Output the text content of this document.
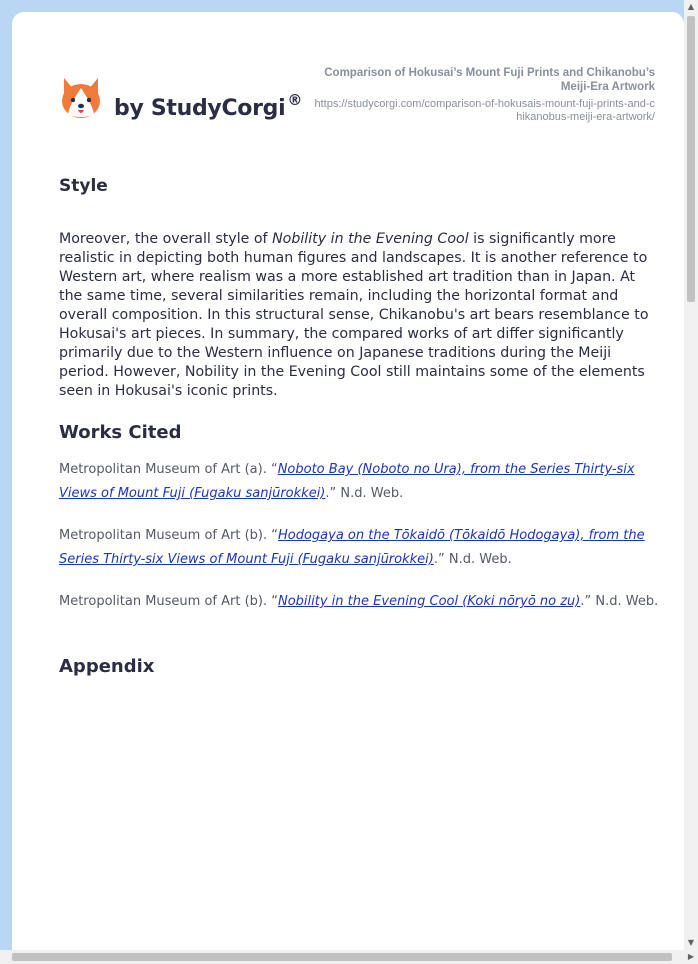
by StudyCorgi ®
Comparison of Hokusai’s Mount Fuji Prints and Chikanobu’s Meiji-Era Artwork
https://studycorgi.com/comparison-of-hokusais-mount-fuji-prints-and-chikanobus-meiji-era-artwork/
Style

Moreover, the overall style of Nobility in the Evening Cool is significantly more realistic in depicting both human figures and landscapes. It is another reference to Western art, where realism was a more established art tradition than in Japan. At the same time, several similarities remain, including the horizontal format and overall composition. In this structural sense, Chikanobu's art bears resemblance to Hokusai's art pieces. In summary, the compared works of art differ significantly primarily due to the Western influence on Japanese traditions during the Meiji period. However, Nobility in the Evening Cool still maintains some of the elements seen in Hokusai's iconic prints.

Works Cited

Metropolitan Museum of Art (a). “Noboto Bay (Noboto no Ura), from the Series Thirty-six Views of Mount Fuji (Fugaku sanjūrokkei).” N.d. Web.

Metropolitan Museum of Art (b). “Hodogaya on the Tōkaidō (Tōkaidō Hodogaya), from the Series Thirty-six Views of Mount Fuji (Fugaku sanjūrokkei).” N.d. Web.

Metropolitan Museum of Art (b). “Nobility in the Evening Cool (Koki nōryō no zu).” N.d. Web.

Appendix
▲
▼
▶
